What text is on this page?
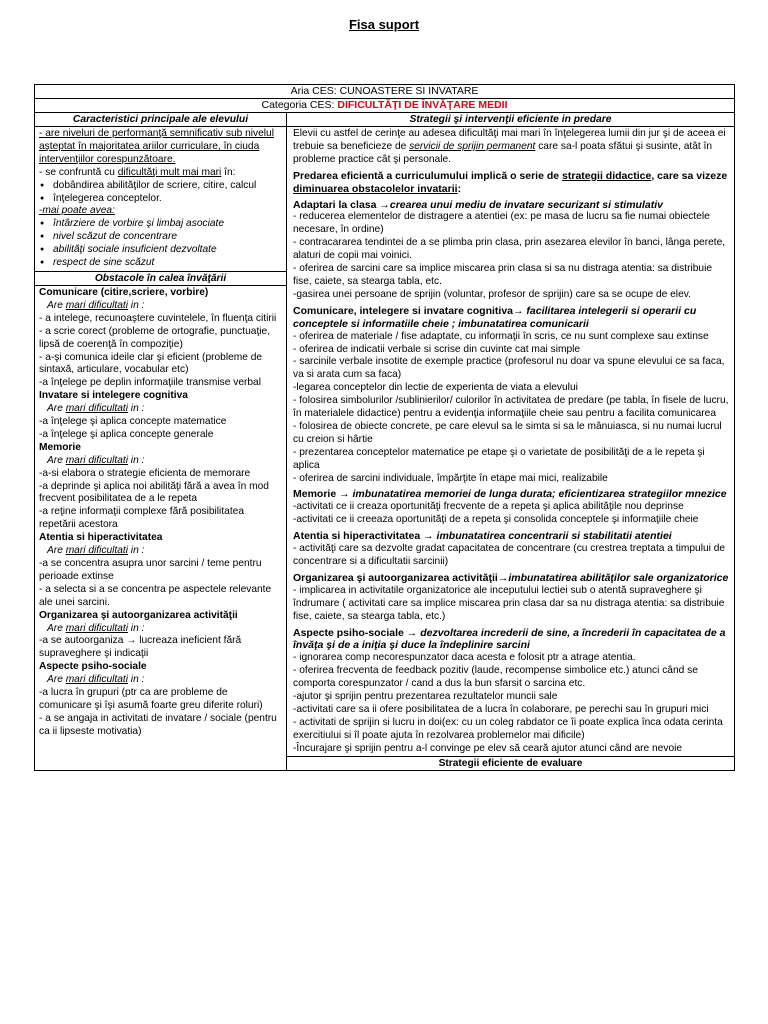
Fisa suport
Aria CES: CUNOASTERE SI INVATARE
Categoria CES: DIFICULTĂŢI DE ÎNVĂŢARE MEDII
Caracteristici principale ale elevului

- are niveluri de performanţă semnificativ sub nivelul aşteptat în majoritatea ariilor curriculare, în ciuda intervenţiilor corespunzătoare.

- se confruntă cu dificultăţi mult mai mari în:

● dobândirea abilităţilor de scriere, citire, calcul
● înţelegerea conceptelor.

-mai poate avea:

● întârziere de vorbire şi limbaj asociate
● nivel scăzut de concentrare
● abilităţi sociale insuficient dezvoltate
● respect de sine scăzut
Obstacole în calea învăţării

Comunicare (citire,scriere, vorbire)

Are mari dificultati in :

- a intelege, recunoaştere cuvintelele, în fluenţa citirii

- a scrie corect (probleme de ortografie, punctuaţie, lipsă de coerenţă în compoziţie)

- a-şi comunica ideile clar şi eficient (probleme de sintaxă, articulare, vocabular etc)

-a înţelege pe deplin informaţiile transmise verbal

Invatare si intelegere cognitiva

Are mari dificultati in :

-a înţelege şi aplica concepte matematice

-a înţelege şi aplica concepte generale

Memorie

Are mari dificultati in :

-a-si elabora o strategie eficienta de memorare

-a deprinde şi aplica noi abilităţi fără a avea în mod frecvent posibilitatea de a le repeta

-a reţine informaţii complexe fără posibilitatea repetării acestora

Atentia si hiperactivitatea

Are mari dificultati in :

-a se concentra asupra unor sarcini / teme pentru perioade extinse

- a selecta si a se concentra pe aspectele relevante ale unei sarcini.

Organizarea şi autoorganizarea activităţii

Are mari dificultati in :

-a se autoorganiza → lucreaza ineficient fără supraveghere şi indicaţii

Aspecte psiho-sociale

Are mari dificultati in :

-a lucra în grupuri (ptr ca are probleme de comunicare şi îşi asumă foarte greu diferite roluri)

- a se angaja in activitati de invatare / sociale (pentru ca ii lipseste motivatia)

Strategii şi intervenţii eficiente in predare

Elevii cu astfel de cerinţe au adesea dificultăţi mai mari în înţelegerea lumii din jur şi de aceea ei trebuie sa beneficieze de servicii de sprijin permanent care sa-l poata sfătui şi susinte, atât în probleme practice cât şi personale.

Predarea eficientă a curriculumului implică o serie de strategii didactice, care sa vizeze diminuarea obstacolelor invatarii:

Adaptari la clasa →crearea unui mediu de invatare securizant si stimulativ

- reducerea elementelor de distragere a atentiei (ex: pe masa de lucru sa fie numai obiectele necesare, în ordine)

- contracararea tendintei de a se plimba prin clasa, prin asezarea elevilor în banci, lânga perete, alaturi de copii mai voinici.

- oferirea de sarcini care sa implice miscarea prin clasa si sa nu distraga atentia: sa distribuie fise, caiete, sa stearga tabla, etc.

-gasirea unei persoane de sprijin (voluntar, profesor de sprijin) care sa se ocupe de elev.

Comunicare, intelegere si invatare cognitiva→ facilitarea intelegerii si operarii cu conceptele si informatiile cheie ; imbunatatirea comunicarii

- oferirea de materiale / fise adaptate, cu informaţii în scris, ce nu sunt complexe sau extinse

- oferirea de indicatii verbale si scrise din cuvinte cat mai simple

- sarcinile verbale insotite de exemple practice (profesorul nu doar va spune elevului ce sa faca, va si arata cum sa faca)

-legarea conceptelor din lectie de experienta de viata a elevului

- folosirea simbolurilor /sublinierilor/ culorilor în activitatea de predare (pe tabla, în fisele de lucru, în materialele didactice) pentru a evidenţia informaţiile cheie sau pentru a facilita comunicarea

- folosirea de obiecte concrete, pe care elevul sa le simta si sa le mânuiasca, si nu numai lucrul cu creion si hârtie

- prezentarea conceptelor matematice pe etape şi o varietate de posibilităţi de a le repeta şi aplica

- oferirea de sarcini individuale, împărţite în etape mai mici, realizabile

Memorie → imbunatatirea memoriei de lunga durata; eficientizarea strategiilor mnezice

-activitati ce ii creaza oportunităţi frecvente de a repeta şi aplica abilităţile nou deprinse

-activitati ce ii creeaza oportunităţi de a repeta şi consolida conceptele şi informaţiile cheie

Atentia si hiperactivitatea → imbunatatirea concentrarii si stabilitatii atentiei

- activităţi care sa dezvolte gradat capacitatea de concentrare (cu crestrea treptata a timpului de concentrare si a dificultatii sarcinii)

Organizarea şi autoorganizarea activităţii→imbunatatirea abilităţilor sale organizatorice

- implicarea in activitatile organizatorice ale inceputului lectiei sub o atentă supraveghere şi îndrumare ( activitati care sa implice miscarea prin clasa dar sa nu distraga atentia: sa distribuie fise, caiete, sa stearga tabla, etc.)

Aspecte psiho-sociale → dezvoltarea increderii de sine, a încrederii în capacitatea de a învăţa şi de a iniţia şi duce la îndeplinire sarcini

- ignorarea comp necorespunzator daca acesta e folosit ptr a atrage atentia.

- oferirea frecventa de feedback pozitiv (laude, recompense simbolice etc.) atunci când se comporta corespunzator / cand a dus la bun sfarsit o sarcina etc.

-ajutor şi sprijin pentru prezentarea rezultatelor muncii sale

-activitati care sa ii ofere posibilitatea de a lucra în colaborare, pe perechi sau în grupuri mici

- activitati de sprijin si lucru in doi(ex: cu un coleg rabdator ce îi poate explica înca odata cerinta exercitiului si îl poate ajuta în rezolvarea problemelor mai dificile)

-Încurajare şi sprijin pentru a-l convinge pe elev să ceară ajutor atunci când are nevoie

Strategii eficiente de evaluare
